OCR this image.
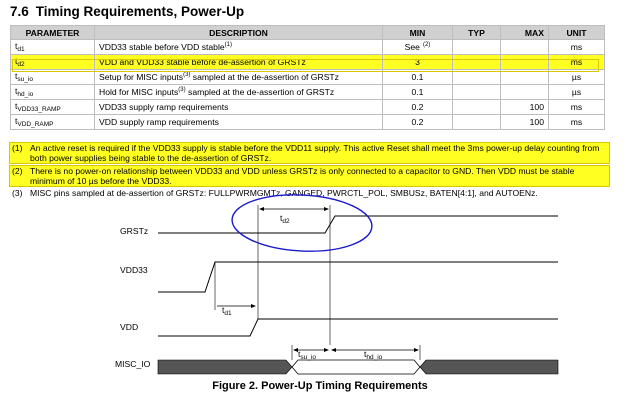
7.6 Timing Requirements, Power-Up
PARAMETER	DESCRIPTION	MIN	TYP	MAX	UNIT
$t_{d1}$	VDD33 stable before VDD stable$^{(1)}$	See $^{(2)}$			ms
$t_{d2}$	VDD and VDD33 stable before de-assertion of GRSTz	3			ms
$t_{su\_io}$	Setup for MISC inputs$^{(3)}$ sampled at the de-assertion of GRSTz	0.1			µs
$t_{hd\_io}$	Hold for MISC inputs$^{(3)}$ sampled at the de-assertion of GRSTz	0.1			µs
$t_{VDD33\_RAMP}$	VDD33 supply ramp requirements	0.2		100	ms
$t_{VDD\_RAMP}$	VDD supply ramp requirements	0.2		100	ms
(1) An active reset is required if the VDD33 supply is stable before the VDD11 supply. This active Reset shall meet the 3ms power-up delay counting from both power supplies being stable to the de-assertion of GRSTz.
(2) There is no power-on relationship between VDD33 and VDD unless GRSTz is only connected to a capacitor to GND. Then VDD must be stable minimum of 10 µs before the VDD33.
(3) MISC pins sampled at de-assertion of GRSTz: FULLPWRMGMTz, GANGED, PWRCTL_POL, SMBUSz, BATEN[4:1], and AUTOENz.
GRSTz
VDD33
VDD
MISC_IO
$t_{d2}$
$t_{d1}$
$t_{su\_io}$	$t_{hd\_io}$
Figure 2. Power-Up Timing Requirements
